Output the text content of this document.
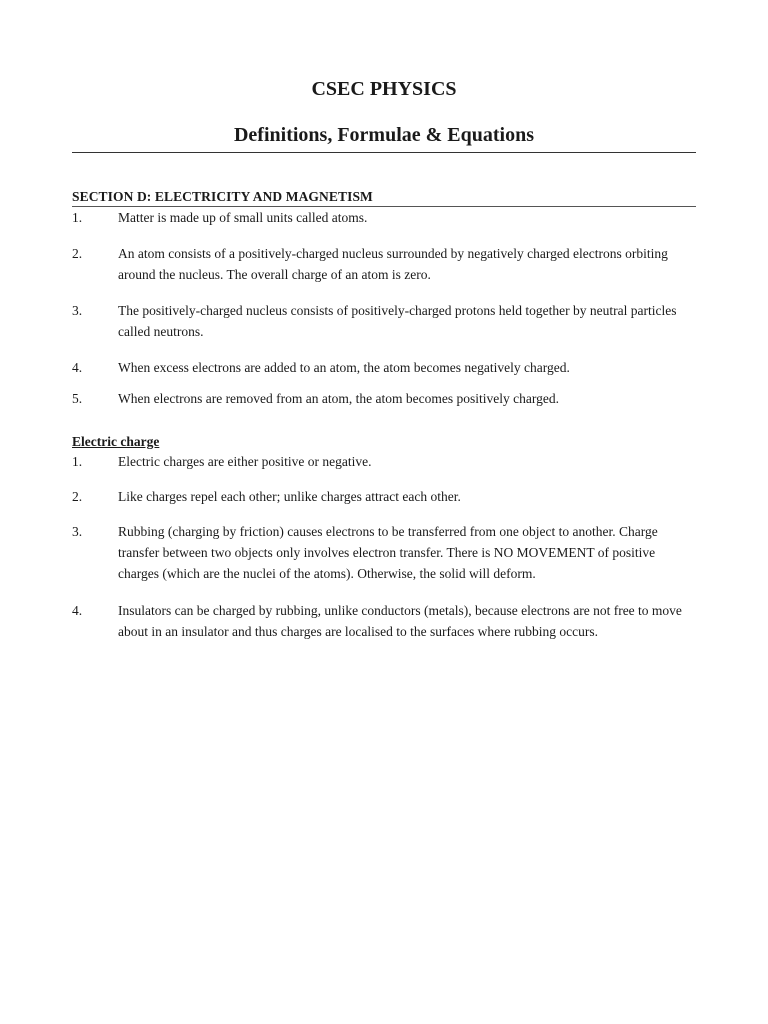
CSEC PHYSICS
Definitions, Formulae & Equations
SECTION D: ELECTRICITY AND MAGNETISM
1.	Matter is made up of small units called atoms.
2.	An atom consists of a positively-charged nucleus surrounded by negatively charged electrons orbiting around the nucleus. The overall charge of an atom is zero.
3.	The positively-charged nucleus consists of positively-charged protons held together by neutral particles called neutrons.
4.	When excess electrons are added to an atom, the atom becomes negatively charged.
5.	When electrons are removed from an atom, the atom becomes positively charged.
Electric charge
1.	Electric charges are either positive or negative.
2.	Like charges repel each other; unlike charges attract each other.
3.	Rubbing (charging by friction) causes electrons to be transferred from one object to another. Charge transfer between two objects only involves electron transfer. There is NO MOVEMENT of positive charges (which are the nuclei of the atoms). Otherwise, the solid will deform.
4.	Insulators can be charged by rubbing, unlike conductors (metals), because electrons are not free to move about in an insulator and thus charges are localised to the surfaces where rubbing occurs.
